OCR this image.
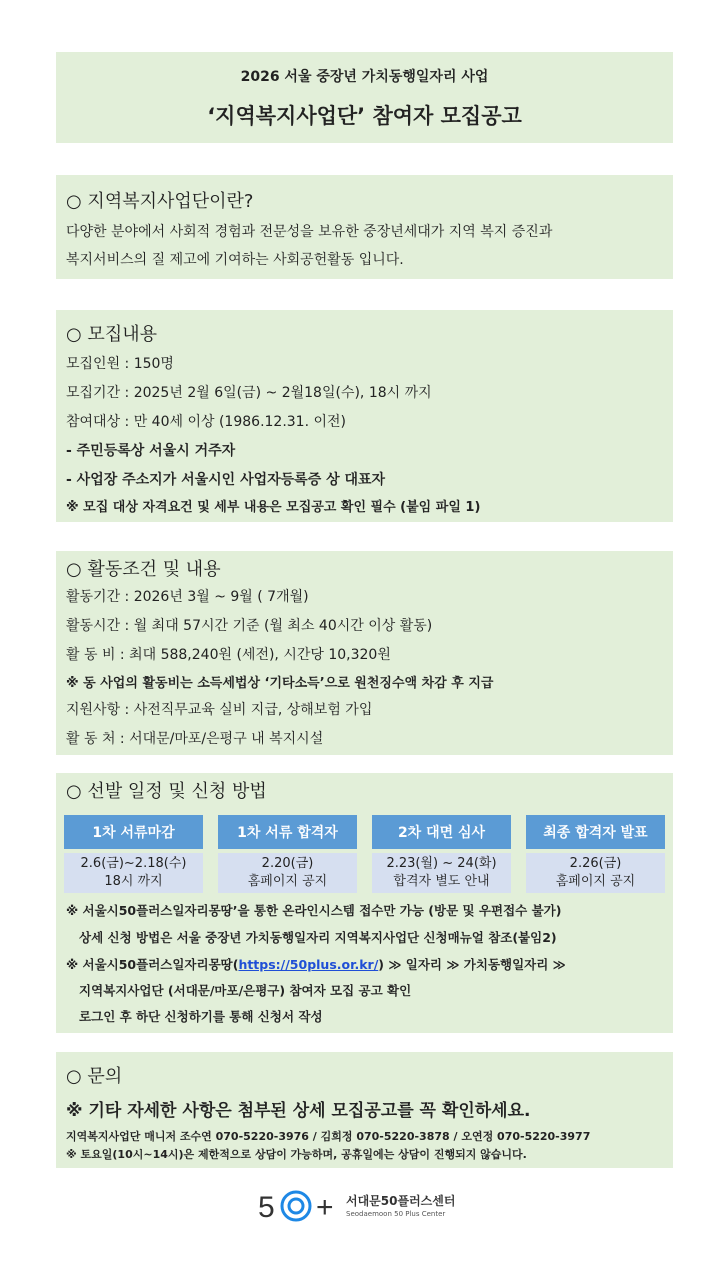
2026 서울 중장년 가치동행일자리 사업
‘지역복지사업단’ 참여자 모집공고
○ 지역복지사업단이란?
다양한 분야에서 사회적 경험과 전문성을 보유한 중장년세대가 지역 복지 증진과
복지서비스의 질 제고에 기여하는 사회공헌활동 입니다.
○ 모집내용
모집인원 : 150명
모집기간 : 2025년 2월 6일(금) ~ 2월18일(수), 18시 까지
참여대상 : 만 40세 이상 (1986.12.31. 이전)
- 주민등록상 서울시 거주자
- 사업장 주소지가 서울시인 사업자등록증 상 대표자
※ 모집 대상 자격요건 및 세부 내용은 모집공고 확인 필수 (붙임 파일 1)
○ 활동조건 및 내용
활동기간 : 2026년 3월 ~ 9월 ( 7개월)
활동시간 : 월 최대 57시간 기준 (월 최소 40시간 이상 활동)
활 동 비 : 최대 588,240원 (세전), 시간당 10,320원
※ 동 사업의 활동비는 소득세법상 ‘기타소득’으로 원천징수액 차감 후 지급
지원사항 : 사전직무교육 실비 지급, 상해보험 가입
활 동 처 : 서대문/마포/은평구 내 복지시설
○ 선발 일정 및 신청 방법
1차 서류마감
2.6(금)~2.18(수)
18시 까지
1차 서류 합격자
2.20(금)
홈페이지 공지
2차 대면 심사
2.23(월) ~ 24(화)
합격자 별도 안내
최종 합격자 발표
2.26(금)
홈페이지 공지
※ 서울시50플러스일자리몽땅’을 통한 온라인시스템 접수만 가능 (방문 및 우편접수 불가)
상세 신청 방법은 서울 중장년 가치동행일자리 지역복지사업단 신청매뉴얼 참조(붙임2)
※ 서울시50플러스일자리몽땅(https://50plus.or.kr/) ≫ 일자리 ≫ 가치동행일자리 ≫
지역복지사업단 (서대문/마포/은평구) 참여자 모집 공고 확인
로그인 후 하단 신청하기를 통해 신청서 작성
○ 문의
※ 기타 자세한 사항은 첨부된 상세 모집공고를 꼭 확인하세요.
지역복지사업단 매니저 조수연 070-5220-3976 / 김희정 070-5220-3878 / 오연정 070-5220-3977
※ 토요일(10시~14시)은 제한적으로 상담이 가능하며, 공휴일에는 상담이 진행되지 않습니다.
5 + 서대문50플러스센터
Seodaemoon 50 Plus Center
